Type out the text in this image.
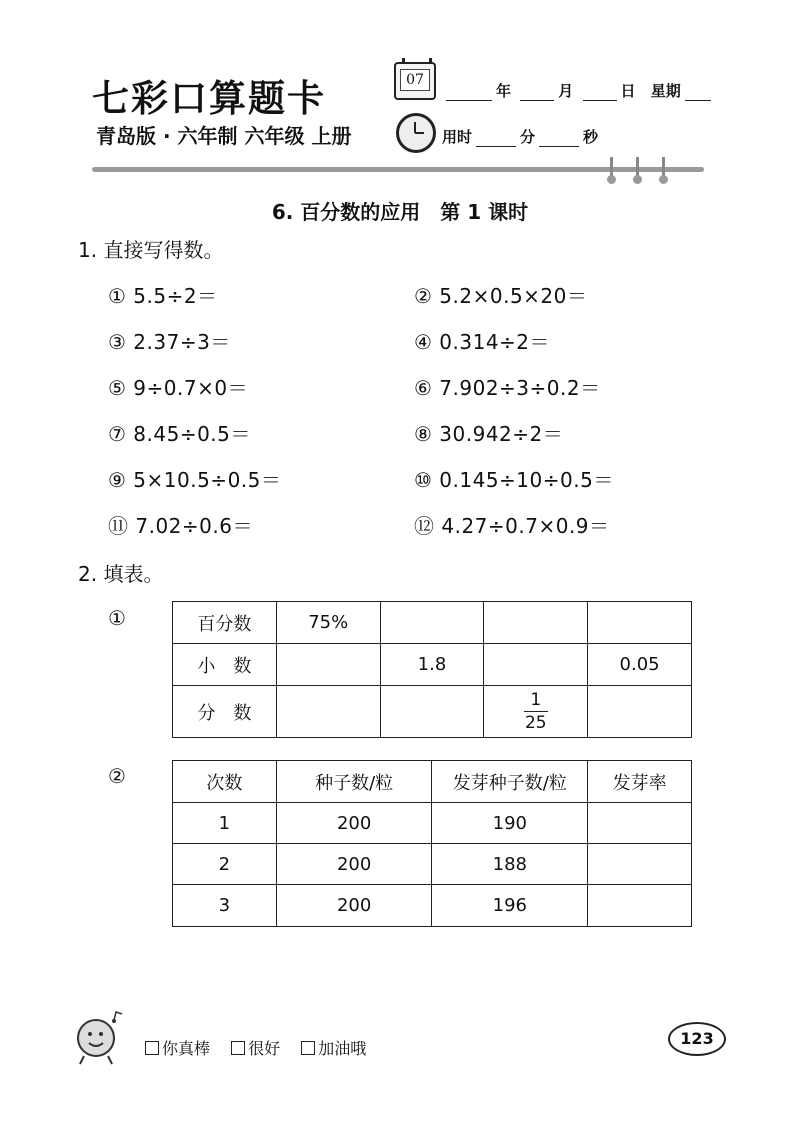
七彩口算题卡
青岛版 · 六年制 六年级 上册
07
年	月	日 星期
用时	分	秒
6. 百分数的应用　第 1 课时
1. 直接写得数。
① 5.5÷2＝	② 5.2×0.5×20＝
③ 2.37÷3＝	④ 0.314÷2＝
⑤ 9÷0.7×0＝	⑥ 7.902÷3÷0.2＝
⑦ 8.45÷0.5＝	⑧ 30.942÷2＝
⑨ 5×10.5÷0.5＝	⑩ 0.145÷10÷0.5＝
⑪ 7.02÷0.6＝	⑫ 4.27÷0.7×0.9＝
2. 填表。
①	百分数	75%			
小　数		1.8		0.05
分　数			$\frac{1}{25}$	
②	次数	种子数/粒	发芽种子数/粒	发芽率
1	200	190	
2	200	188	
3	200	196	
你真棒 很好 加油哦
123
